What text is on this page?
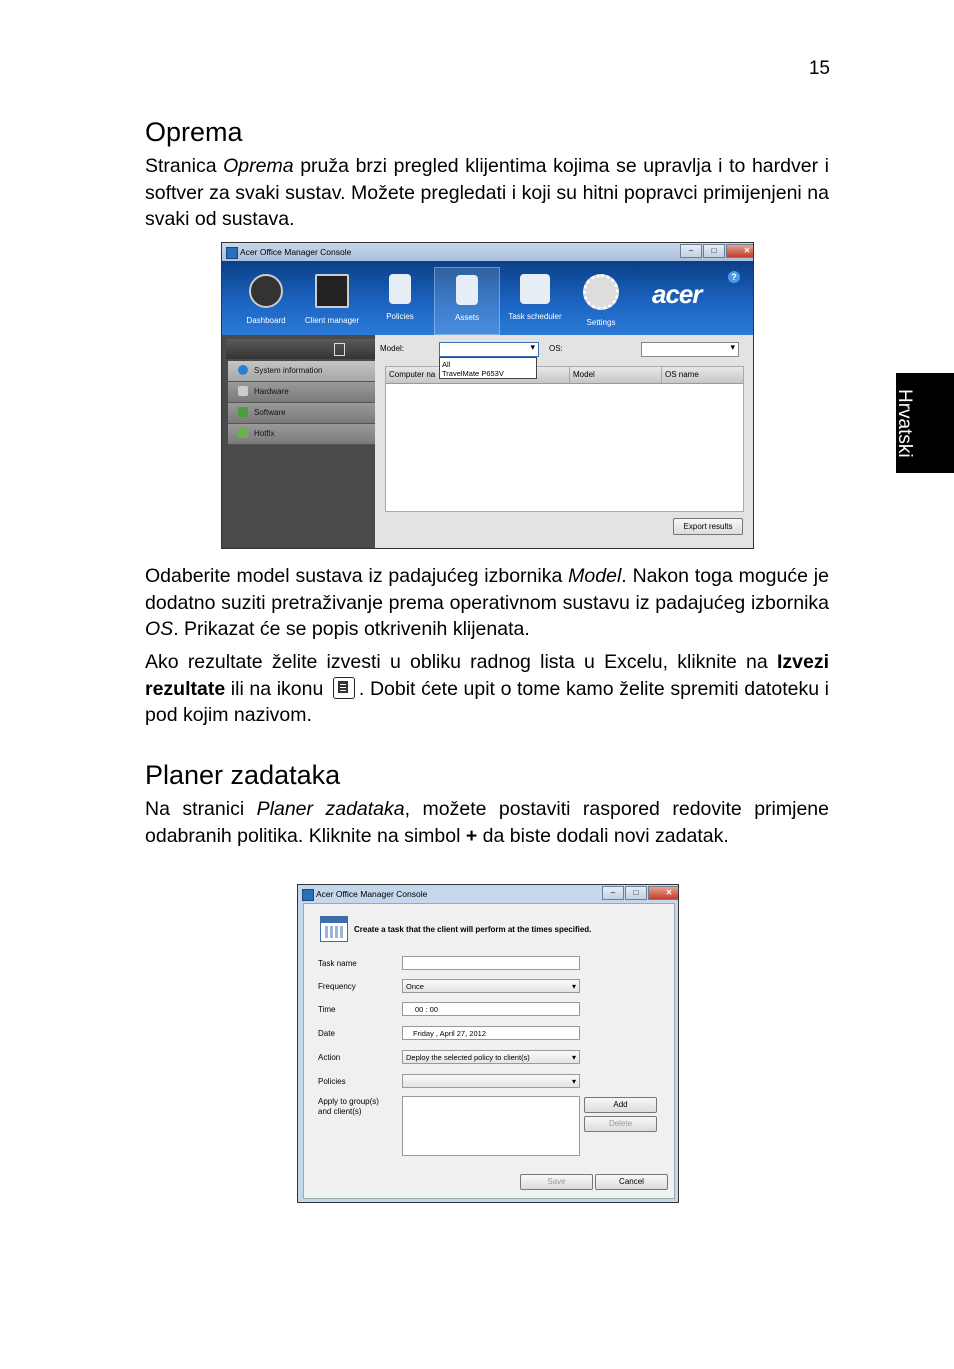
15
Hrvatski
Oprema

Stranica Oprema pruža brzi pregled klijentima kojima se upravlja i to hardver i softver za svaki sustav. Možete pregledati i koji su hitni popravci primijenjeni na svaki od sustava.

Acer Office Manager Console	–	□	✕
Dashboard	Client manager	Policies	Assets	Task scheduler
Settings
acer
?
System information
Hardware
Software
Hotfix
Model:
▾	OS:
▾
Computer na	Model	OS name
Export results
All
TravelMate P653V

Odaberite model sustava iz padajućeg izbornika Model. Nakon toga moguće je dodatno suziti pretraživanje prema operativnom sustavu iz padajućeg izbornika OS. Prikazat će se popis otkrivenih klijenata.

Ako rezultate želite izvesti u obliku radnog lista u Excelu, kliknite na Izvezi rezultate ili na ikonu . Dobit ćete upit o tome kamo želite spremiti datoteku i pod kojim nazivom.

Planer zadataka

Na stranici Planer zadataka, možete postaviti raspored redovite primjene odabranih politika. Kliknite na simbol + da biste dodali novi zadatak.

Acer Office Manager Console	–	□	✕
Create a task that the client will perform at the times specified.
Task name
Frequency	Once ▾
Time	00 : 00
Date	Friday , April 27, 2012
Action	Deploy the selected policy to client(s) ▾
Policies
▾
Apply to group(s) and client(s)
Add
Delete
Save	Cancel
